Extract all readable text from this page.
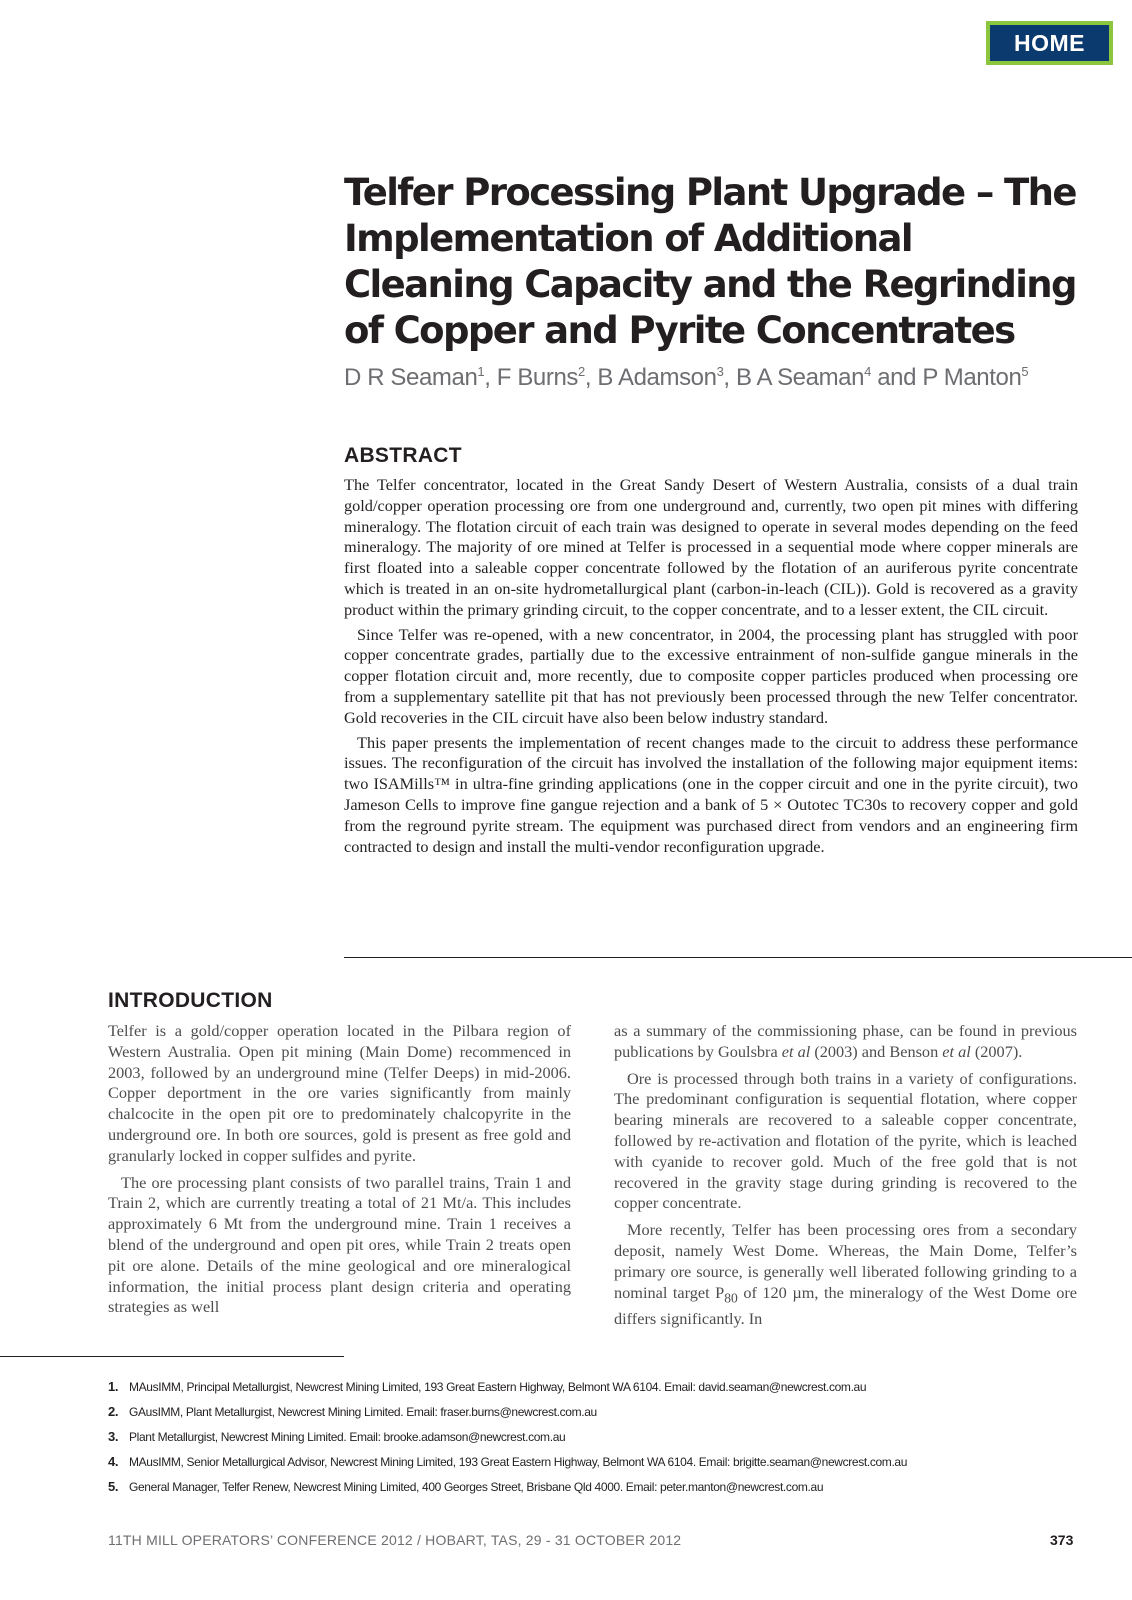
HOME
Telfer Processing Plant Upgrade – The Implementation of Additional Cleaning Capacity and the Regrinding of Copper and Pyrite Concentrates
D R Seaman$^1$, F Burns$^2$, B Adamson$^3$, B A Seaman$^4$ and P Manton$^5$
ABSTRACT

The Telfer concentrator, located in the Great Sandy Desert of Western Australia, consists of a dual train gold/copper operation processing ore from one underground and, currently, two open pit mines with differing mineralogy. The flotation circuit of each train was designed to operate in several modes depending on the feed mineralogy. The majority of ore mined at Telfer is processed in a sequential mode where copper minerals are first floated into a saleable copper concentrate followed by the flotation of an auriferous pyrite concentrate which is treated in an on-site hydrometallurgical plant (carbon-in-leach (CIL)). Gold is recovered as a gravity product within the primary grinding circuit, to the copper concentrate, and to a lesser extent, the CIL circuit.

Since Telfer was re-opened, with a new concentrator, in 2004, the processing plant has struggled with poor copper concentrate grades, partially due to the excessive entrainment of non-sulfide gangue minerals in the copper flotation circuit and, more recently, due to composite copper particles produced when processing ore from a supplementary satellite pit that has not previously been processed through the new Telfer concentrator. Gold recoveries in the CIL circuit have also been below industry standard.

This paper presents the implementation of recent changes made to the circuit to address these performance issues. The reconfiguration of the circuit has involved the installation of the following major equipment items: two ISAMills™ in ultra-fine grinding applications (one in the copper circuit and one in the pyrite circuit), two Jameson Cells to improve fine gangue rejection and a bank of 5 × Outotec TC30s to recovery copper and gold from the reground pyrite stream. The equipment was purchased direct from vendors and an engineering firm contracted to design and install the multi-vendor reconfiguration upgrade.

INTRODUCTION

Telfer is a gold/copper operation located in the Pilbara region of Western Australia. Open pit mining (Main Dome) recommenced in 2003, followed by an underground mine (Telfer Deeps) in mid-2006. Copper deportment in the ore varies significantly from mainly chalcocite in the open pit ore to predominately chalcopyrite in the underground ore. In both ore sources, gold is present as free gold and granularly locked in copper sulfides and pyrite.

The ore processing plant consists of two parallel trains, Train 1 and Train 2, which are currently treating a total of 21 Mt/a. This includes approximately 6 Mt from the underground mine. Train 1 receives a blend of the underground and open pit ores, while Train 2 treats open pit ore alone. Details of the mine geological and ore mineralogical information, the initial process plant design criteria and operating strategies as well

as a summary of the commissioning phase, can be found in previous publications by Goulsbra et al (2003) and Benson et al (2007).

Ore is processed through both trains in a variety of configurations. The predominant configuration is sequential flotation, where copper bearing minerals are recovered to a saleable copper concentrate, followed by re-activation and flotation of the pyrite, which is leached with cyanide to recover gold. Much of the free gold that is not recovered in the gravity stage during grinding is recovered to the copper concentrate.

More recently, Telfer has been processing ores from a secondary deposit, namely West Dome. Whereas, the Main Dome, Telfer’s primary ore source, is generally well liberated following grinding to a nominal target $P_{80}$ of 120 µm, the mineralogy of the West Dome ore differs significantly. In

1. MAusIMM, Principal Metallurgist, Newcrest Mining Limited, 193 Great Eastern Highway, Belmont WA 6104. Email: david.seaman@newcrest.com.au
2. GAusIMM, Plant Metallurgist, Newcrest Mining Limited. Email: fraser.burns@newcrest.com.au
3. Plant Metallurgist, Newcrest Mining Limited. Email: brooke.adamson@newcrest.com.au
4. MAusIMM, Senior Metallurgical Advisor, Newcrest Mining Limited, 193 Great Eastern Highway, Belmont WA 6104. Email: brigitte.seaman@newcrest.com.au
5. General Manager, Telfer Renew, Newcrest Mining Limited, 400 Georges Street, Brisbane Qld 4000. Email: peter.manton@newcrest.com.au
11TH MILL OPERATORS’ CONFERENCE 2012 / HOBART, TAS, 29 - 31 OCTOBER 2012	373
